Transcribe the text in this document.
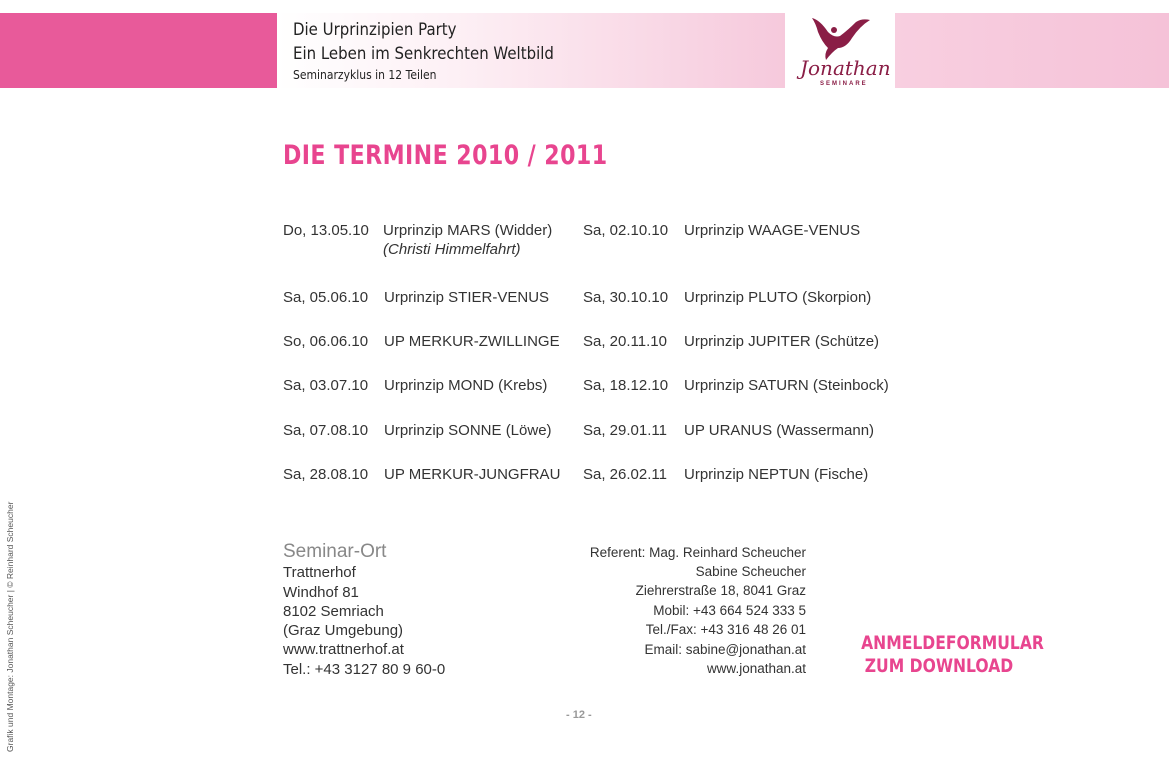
Die Urprinzipien Party
Ein Leben im Senkrechten Weltbild
Seminarzyklus in 12 Teilen	Jonathan
SEMINARE
DIE TERMINE 2010 / 2011
Do, 13.05.10 Urprinzip MARS (Widder)
(Christi Himmelfahrt)
Sa, 05.06.10 Urprinzip STIER-VENUS
So, 06.06.10 UP MERKUR-ZWILLINGE
Sa, 03.07.10 Urprinzip MOND (Krebs)
Sa, 07.08.10 Urprinzip SONNE (Löwe)
Sa, 28.08.10 UP MERKUR-JUNGFRAU
Sa, 02.10.10 Urprinzip WAAGE-VENUS
Sa, 30.10.10 Urprinzip PLUTO (Skorpion)
Sa, 20.11.10 Urprinzip JUPITER (Schütze)
Sa, 18.12.10 Urprinzip SATURN (Steinbock)
Sa, 29.01.11 UP URANUS (Wassermann)
Sa, 26.02.11 Urprinzip NEPTUN (Fische)
Seminar-Ort
Trattnerhof
Windhof 81
8102 Semriach
(Graz Umgebung)
www.trattnerhof.at
Tel.: +43 3127 80 9 60-0
Referent: Mag. Reinhard Scheucher
Sabine Scheucher
Ziehrerstraße 18, 8041 Graz
Mobil: +43 664 524 333 5
Tel./Fax: +43 316 48 26 01
Email: sabine@jonathan.at
www.jonathan.at
ANMELDEFORMULAR
ZUM DOWNLOAD
- 12 -
Grafik und Montage: Jonathan Scheucher | © Reinhard Scheucher
